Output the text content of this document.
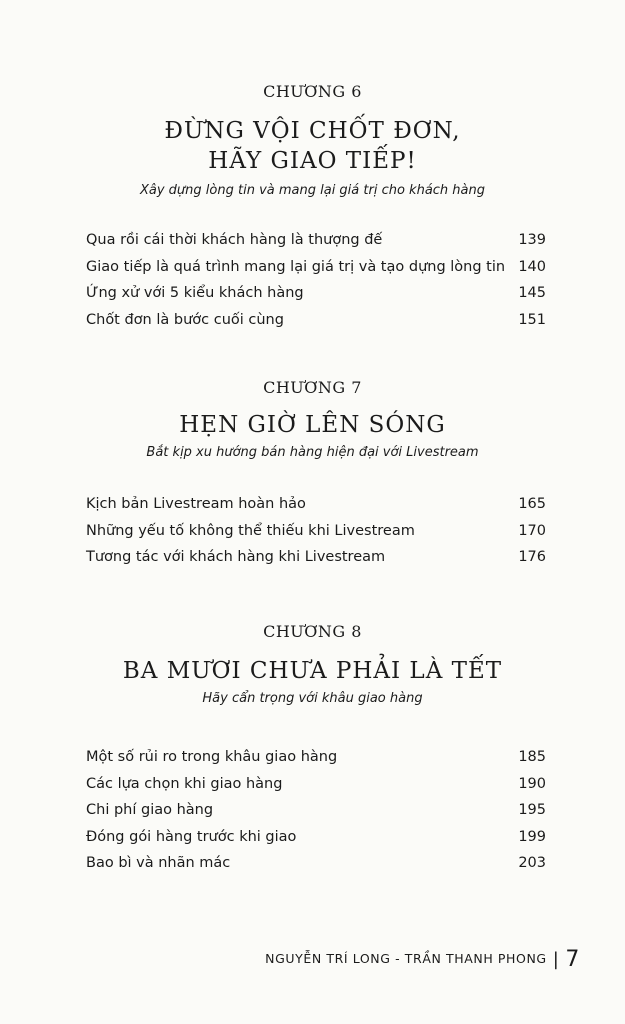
CHƯƠNG 6
ĐỪNG VỘI CHỐT ĐƠN,
HÃY GIAO TIẾP!
Xây dựng lòng tin và mang lại giá trị cho khách hàng
Qua rồi cái thời khách hàng là thượng đế	139
Giao tiếp là quá trình mang lại giá trị và tạo dựng lòng tin 140
Ứng xử với 5 kiểu khách hàng	145
Chốt đơn là bước cuối cùng	151
CHƯƠNG 7
HẸN GIỜ LÊN SÓNG
Bắt kịp xu hướng bán hàng hiện đại với Livestream
Kịch bản Livestream hoàn hảo	165
Những yếu tố không thể thiếu khi Livestream	170
Tương tác với khách hàng khi Livestream	176
CHƯƠNG 8
BA MƯƠI CHƯA PHẢI LÀ TẾT
Hãy cẩn trọng với khâu giao hàng
Một số rủi ro trong khâu giao hàng	185
Các lựa chọn khi giao hàng	190
Chi phí giao hàng	195
Đóng gói hàng trước khi giao	199
Bao bì và nhãn mác	203
NGUYỄN TRÍ LONG - TRẦN THANH PHONG | 7
